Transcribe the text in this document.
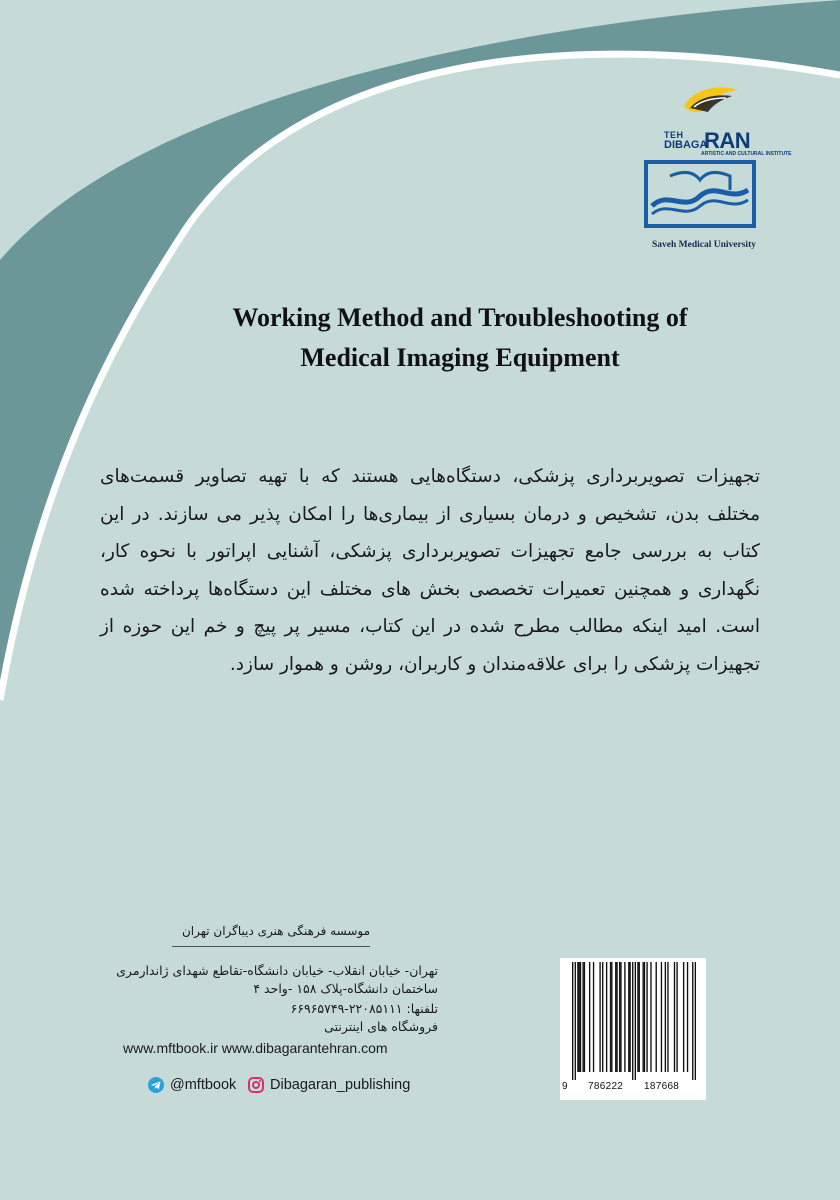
TEH
DIBAGA
RAN
ARTISTIC AND CULTURAL INSTITUTE
Saveh Medical University
Working Method and Troubleshooting of
Medical Imaging Equipment
تجهیزات تصویربرداری پزشکی، دستگاه‌هایی هستند که با تهیه تصاویر قسمت‌های مختلف بدن، تشخیص و درمان بسیاری از بیماری‌ها را امکان پذیر می سازند. در این کتاب به بررسی جامع تجهیزات تصویربرداری پزشکی، آشنایی اپراتور با نحوه کار، نگهداری و همچنین تعمیرات تخصصی بخش های مختلف این دستگاه‌ها پرداخته شده است. امید اینکه مطالب مطرح شده در این کتاب، مسیر پر پیچ و خم این حوزه از تجهیزات پزشکی را برای علاقه‌مندان و کاربران، روشن و هموار سازد.
موسسه فرهنگی هنری دیباگران تهران
تهران- خیابان انقلاب- خیابان دانشگاه-تقاطع شهدای ژاندارمری
ساختمان دانشگاه-پلاک ۱۵۸ -واحد ۴
تلفنها: ۲۲۰۸۵۱۱۱-۶۶۹۶۵۷۴۹
فروشگاه های اینترنتی
www.mftbook.ir www.dibagarantehran.com
@mftbook Dibagaran_publishing	9 786222 187668
